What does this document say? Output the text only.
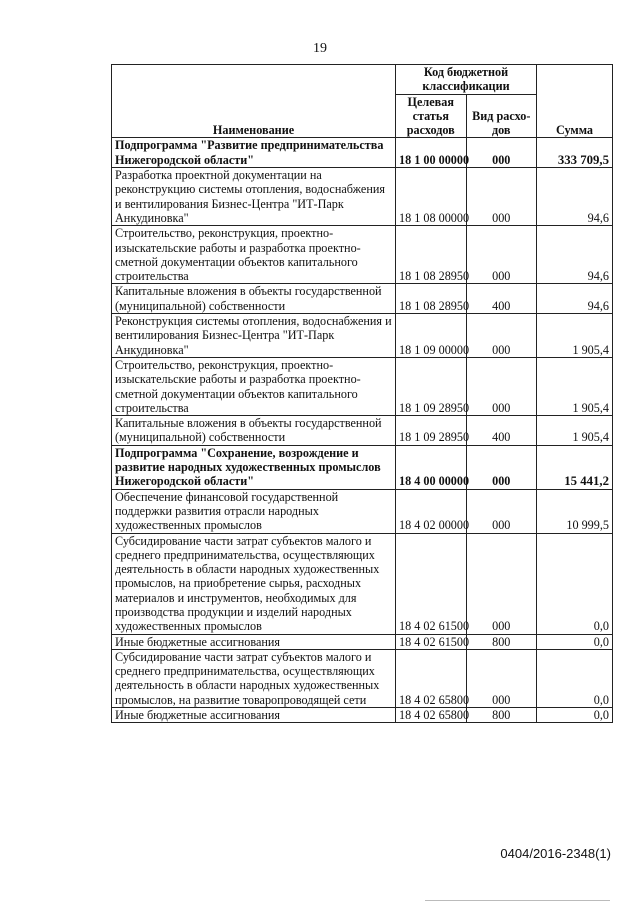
19
Наименование	Код бюджетной классификации		Сумма
	Целевая статья расходов	Вид расхо-дов	
Подпрограмма "Развитие предпринимательства Нижегородской области"	18 1 00 00000	000	333 709,5
Разработка проектной документации на реконструкцию системы отопления, водоснабжения и вентилирования Бизнес-Центра "ИТ-Парк Анкудиновка"	18 1 08 00000	000	94,6
Строительство, реконструкция, проектно-изыскательские работы и разработка проектно-сметной документации объектов капитального строительства	18 1 08 28950	000	94,6
Капитальные вложения в объекты государственной (муниципальной) собственности	18 1 08 28950	400	94,6
Реконструкция системы отопления, водоснабжения и вентилирования Бизнес-Центра "ИТ-Парк Анкудиновка"	18 1 09 00000	000	1 905,4
Строительство, реконструкция, проектно-изыскательские работы и разработка проектно-сметной документации объектов капитального строительства	18 1 09 28950	000	1 905,4
Капитальные вложения в объекты государственной (муниципальной) собственности	18 1 09 28950	400	1 905,4
Подпрограмма "Сохранение, возрождение и развитие народных художественных промыслов Нижегородской области"	18 4 00 00000	000	15 441,2
Обеспечение финансовой государственной поддержки развития отрасли народных художественных промыслов	18 4 02 00000	000	10 999,5
Субсидирование части затрат субъектов малого и среднего предпринимательства, осуществляющих деятельность в области народных художественных промыслов, на приобретение сырья, расходных материалов и инструментов, необходимых для производства продукции и изделий народных художественных промыслов	18 4 02 61500	000	0,0
Иные бюджетные ассигнования	18 4 02 61500	800	0,0
Субсидирование части затрат субъектов малого и среднего предпринимательства, осуществляющих деятельность в области народных художественных промыслов, на развитие товаропроводящей сети	18 4 02 65800	000	0,0
Иные бюджетные ассигнования	18 4 02 65800	800	0,0
0404/2016-2348(1)
